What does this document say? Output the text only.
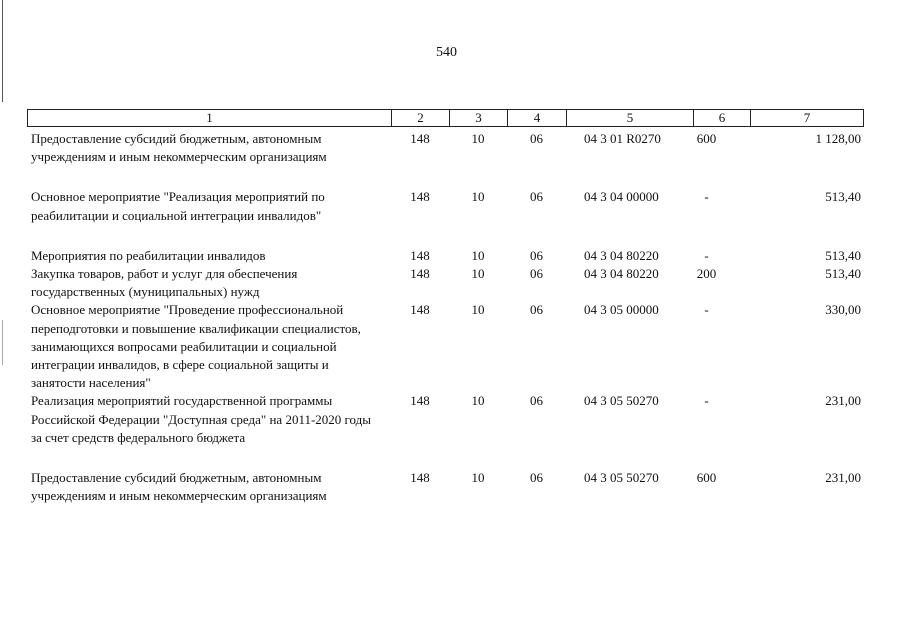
540
1	2	3	4	5	6	7
Предоставление субсидий бюджетным, автономным учреждениям и иным некоммерческим организациям	148	10	06	04 3 01 R0270	600	1 128,00

Основное мероприятие "Реализация мероприятий по реабилитации и социальной интеграции инвалидов"	148	10	06	04 3 04 00000	-	513,40

Мероприятия по реабилитации инвалидов	148	10	06	04 3 04 80220	-	513,40
Закупка товаров, работ и услуг для обеспечения государственных (муниципальных) нужд	148	10	06	04 3 04 80220	200	513,40
Основное мероприятие "Проведение профессиональной переподготовки и повышение квалификации специалистов, занимающихся вопросами реабилитации и социальной интеграции инвалидов, в сфере социальной защиты и занятости населения"	148	10	06	04 3 05 00000	-	330,00
Реализация мероприятий государственной программы Российской Федерации "Доступная среда" на 2011-2020 годы за счет средств федерального бюджета	148	10	06	04 3 05 50270	-	231,00

Предоставление субсидий бюджетным, автономным учреждениям и иным некоммерческим организациям	148	10	06	04 3 05 50270	600	231,00
